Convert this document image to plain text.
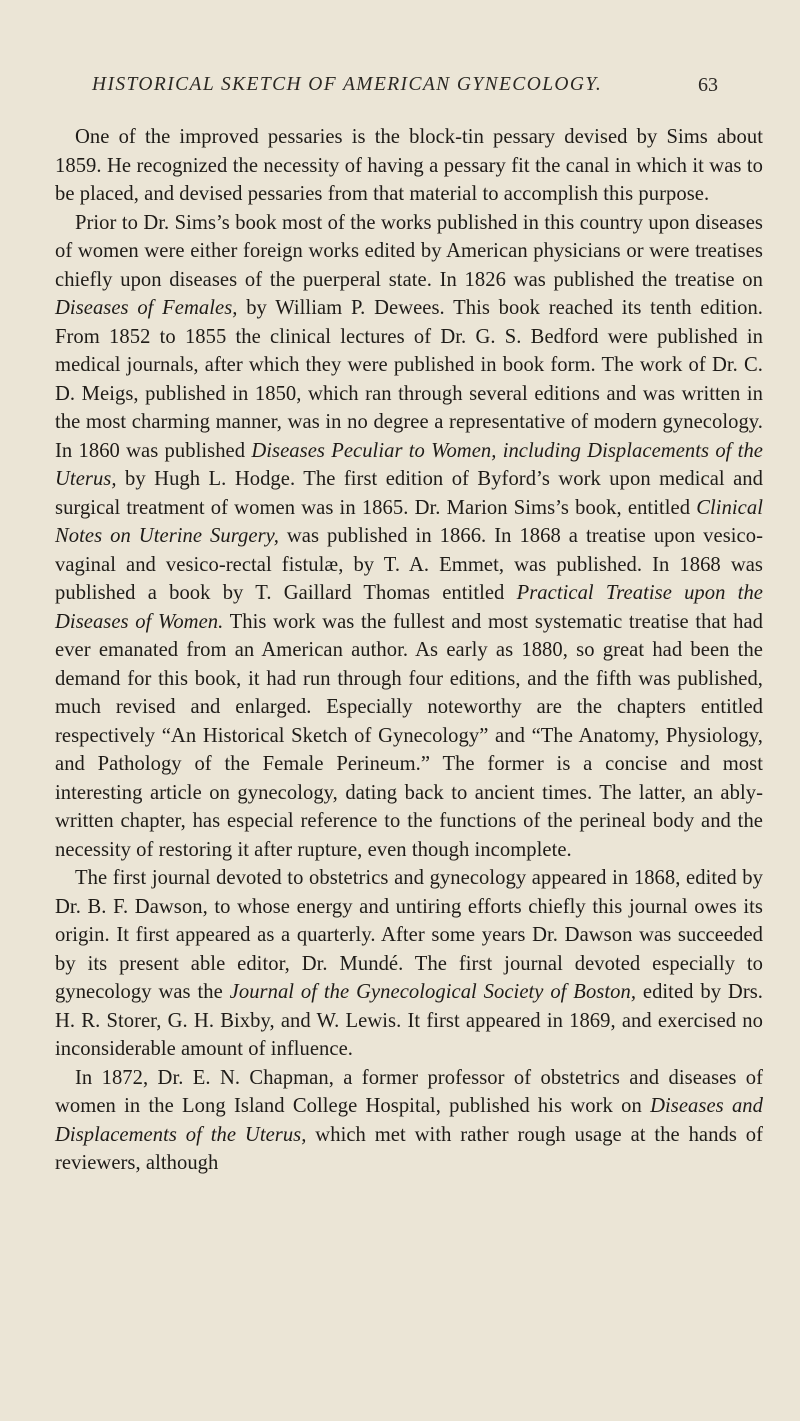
HISTORICAL SKETCH OF AMERICAN GYNECOLOGY.	63

One of the improved pessaries is the block-tin pessary devised by Sims about 1859. He recognized the necessity of having a pessary fit the canal in which it was to be placed, and devised pessaries from that material to accomplish this purpose.

Prior to Dr. Sims’s book most of the works published in this country upon diseases of women were either foreign works edited by American physicians or were treatises chiefly upon diseases of the puerperal state. In 1826 was published the treatise on Diseases of Females, by William P. Dewees. This book reached its tenth edition. From 1852 to 1855 the clinical lectures of Dr. G. S. Bedford were published in medical journals, after which they were published in book form. The work of Dr. C. D. Meigs, published in 1850, which ran through several editions and was written in the most charming manner, was in no degree a representative of modern gynecology. In 1860 was published Diseases Peculiar to Women, including Displacements of the Uterus, by Hugh L. Hodge. The first edition of Byford’s work upon medical and surgical treatment of women was in 1865. Dr. Marion Sims’s book, entitled Clinical Notes on Uterine Surgery, was published in 1866. In 1868 a treatise upon vesico-vaginal and vesico-rectal fistulæ, by T. A. Emmet, was published. In 1868 was published a book by T. Gaillard Thomas entitled Practical Treatise upon the Diseases of Women. This work was the fullest and most systematic treatise that had ever emanated from an American author. As early as 1880, so great had been the demand for this book, it had run through four editions, and the fifth was published, much revised and enlarged. Especially noteworthy are the chapters entitled respectively “An Historical Sketch of Gynecology” and “The Anatomy, Physiology, and Pathology of the Female Perineum.” The former is a concise and most interesting article on gynecology, dating back to ancient times. The latter, an ably-written chapter, has especial reference to the functions of the perineal body and the necessity of restoring it after rupture, even though incomplete.

The first journal devoted to obstetrics and gynecology appeared in 1868, edited by Dr. B. F. Dawson, to whose energy and untiring efforts chiefly this journal owes its origin. It first appeared as a quarterly. After some years Dr. Dawson was succeeded by its present able editor, Dr. Mundé. The first journal devoted especially to gynecology was the Journal of the Gynecological Society of Boston, edited by Drs. H. R. Storer, G. H. Bixby, and W. Lewis. It first appeared in 1869, and exercised no inconsiderable amount of influence.

In 1872, Dr. E. N. Chapman, a former professor of obstetrics and diseases of women in the Long Island College Hospital, published his work on Diseases and Displacements of the Uterus, which met with rather rough usage at the hands of reviewers, although
